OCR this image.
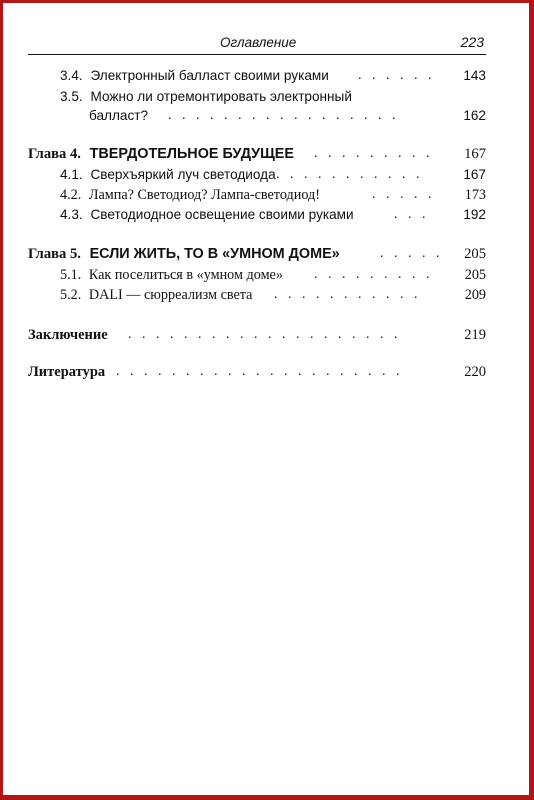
Оглавление	223
3.4. Электронный балласт своими руками .   .   .   .   .   .	143
3.5. Можно ли отремонтировать электронный
балласт? .   .   .   .   .   .   .   .   .   .   .   .   .   .   .   .   .	162
Глава 4. ТВЕРДОТЕЛЬНОЕ БУДУЩЕЕ .   .   .   .   .   .   .   .   .	167
4.1. Сверхъяркий луч светодиода .   .   .   .   .   .   .   .   .   .   .	167
4.2. Лампа? Светодиод? Лампа-светодиод!	.   .   .   .   .	173
4.3. Светодиодное освещение своими руками	.   .   .	192
Глава 5. ЕСЛИ ЖИТЬ, ТО В «УМНОМ ДОМЕ»	.   .   .   .   .	205
5.1. Как поселиться в «умном доме» .   .   .   .   .   .   .   .   .	205
5.2. DALI — сюрреализм света .   .   .   .   .   .   .   .   .   .   .	209
Заключение .   .   .   .   .   .   .   .   .   .   .   .   .   .   .   .   .   .   .   .	219
Литература .   .   .   .   .   .   .   .   .   .   .   .   .   .   .   .   .   .   .   .   .	220
